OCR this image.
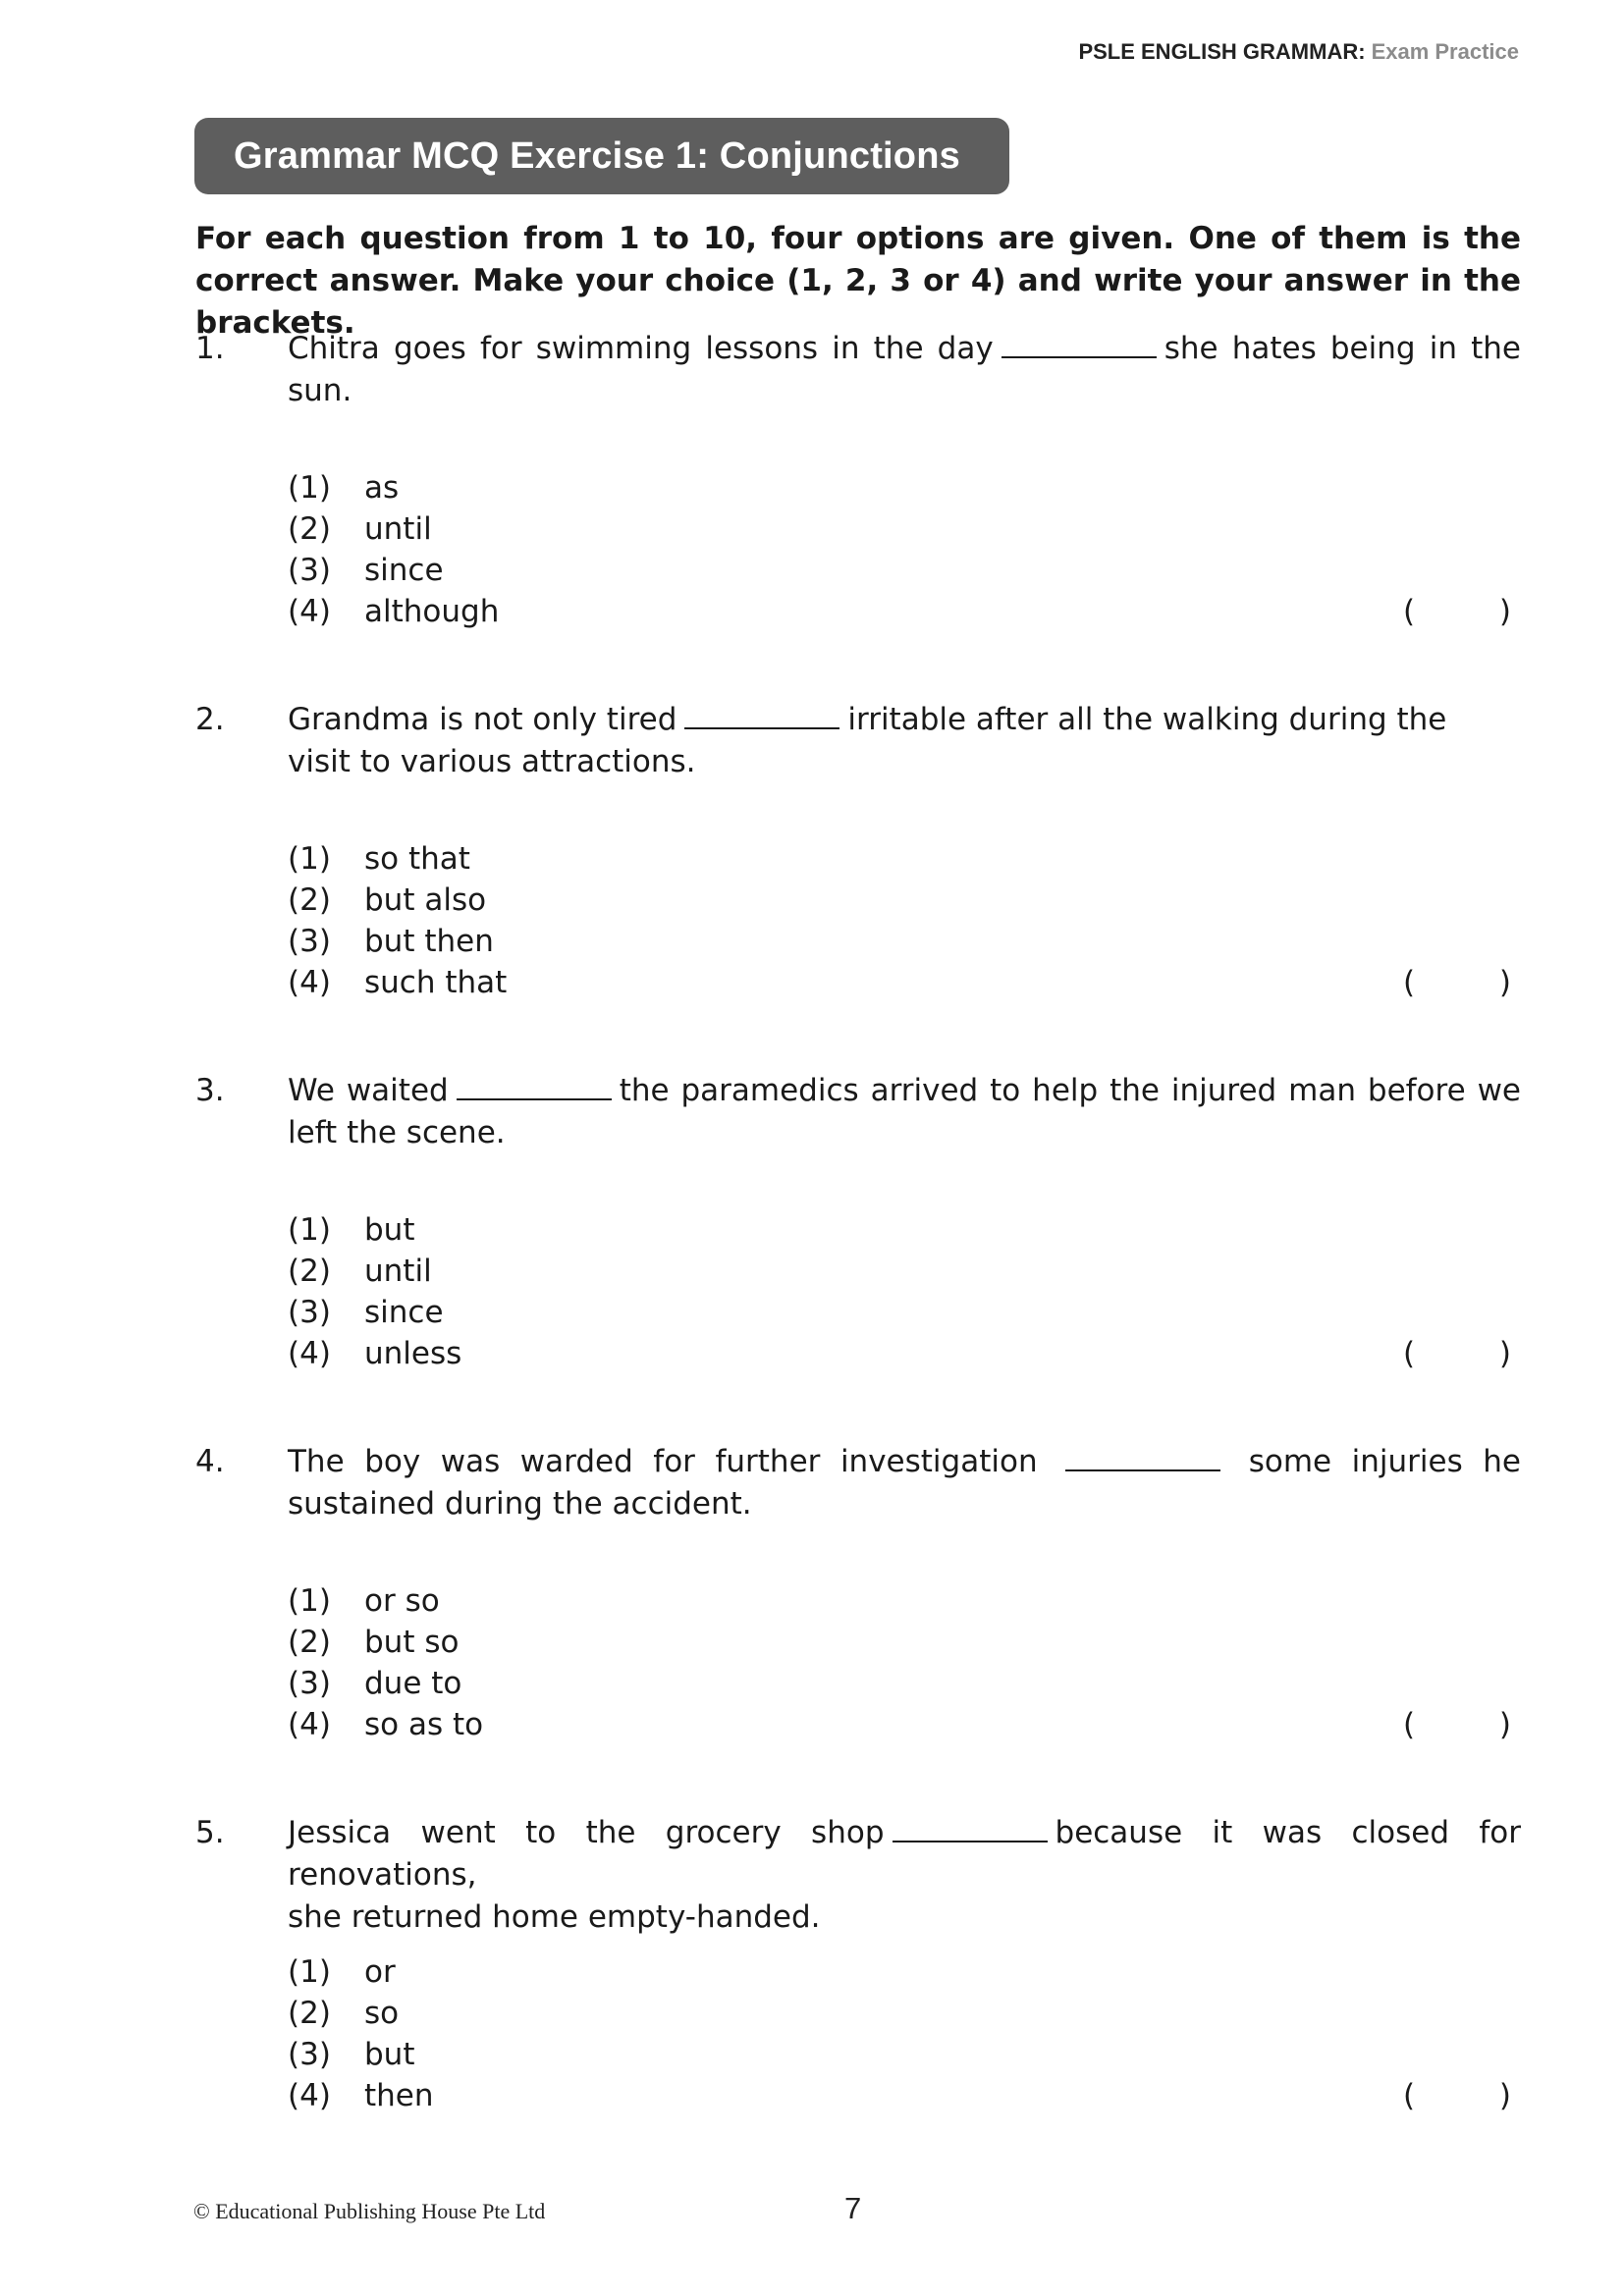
PSLE ENGLISH GRAMMAR: Exam Practice
Grammar MCQ Exercise 1: Conjunctions
For each question from 1 to 10, four options are given. One of them is the correct answer. Make your choice (1, 2, 3 or 4) and write your answer in the brackets.
1. Chitra goes for swimming lessons in the day	she hates being in the
sun.
(1) as
(2) until
(3) since
(4) although	(	)
2. Grandma is not only tired	irritable after all the walking during the
visit to various attractions.
(1) so that
(2) but also
(3) but then
(4) such that	(	)
3. We waited	the paramedics arrived to help the injured man before we
left the scene.
(1) but
(2) until
(3) since
(4) unless	(	)
4. The boy was warded for further investigation	some injuries he
sustained during the accident.
(1) or so
(2) but so
(3) due to
(4) so as to	(	)
5. Jessica went to the grocery shop	because it was closed for renovations,
she returned home empty-handed.
(1) or
(2) so
(3) but
(4) then	(	)
© Educational Publishing House Pte Ltd	7
